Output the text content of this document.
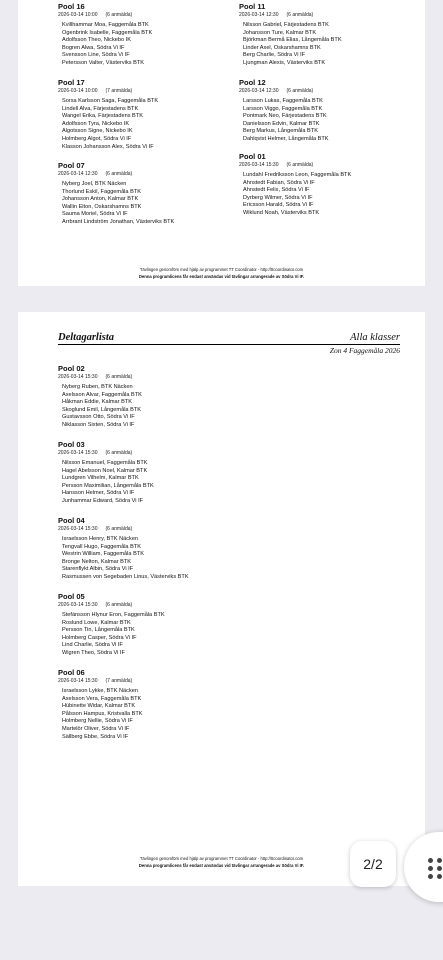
Pool 16
2026-03-14 10:00 (6 anmälda)
Kvillhammar Moa, Faggemåla BTK
Ogenbrink Isabelle, Faggemåla BTK
Adolfsson Theo, Nickebo IK
Bogren Alwa, Södra Vi IF
Svensson Line, Södra Vi IF
Petersson Valter, Västerviks BTK
Pool 17
2026-03-14 10:00 (7 anmälda)
Sorsa Karlsson Saga, Faggemåla BTK
Lindell Alva, Färjestadens BTK
Wangel Erika, Färjestadens BTK
Adolfsson Tyra, Nickebo IK
Algotsson Signe, Nickebo IK
Holmberg Algot, Södra Vi IF
Klasson Johansson Alex, Södra Vi IF
Pool 07
2026-03-14 12:30 (6 anmälda)
Nyberg Joel, BTK Näcken
Thorlund Eskil, Faggemåla BTK
Johansson Anton, Kalmar BTK
Wallin Elton, Oskarshamns BTK
Sauma Moriel, Södra Vi IF
Arrbrant Lindström Jonathan, Västerviks BTK
Pool 11
2026-03-14 12:30 (6 anmälda)
Nilsson Gabriel, Färjestadens BTK
Johansson Ture, Kalmar BTK
Björkman Bermå Elias, Långemåla BTK
Linder Axel, Oskarshamns BTK
Berg Charlie, Södra Vi IF
Ljungman Alexis, Västerviks BTK
Pool 12
2026-03-14 12:30 (6 anmälda)
Larsson Lukas, Faggemåla BTK
Larsson Viggo, Faggemåla BTK
Pontmark Neo, Färjestadens BTK
Danielsson Edvin, Kalmar BTK
Berg Markus, Långemåla BTK
Dahlqvist Helmer, Långemåla BTK
Pool 01
2026-03-14 15:30 (6 anmälda)
Lundahl Fredriksson Leon, Faggemåla BTK
Ahnstedt Fabian, Södra Vi IF
Ahnstedt Felix, Södra Vi IF
Dyrberg Wilmer, Södra Vi IF
Ericsson Harald, Södra Vi IF
Wiklund Noah, Västerviks BTK
Tävlingen genomförs med hjälp av programmet TT Coordinator - http://ttcoordinator.com
Denna programlicens får endast användas vid tävlingar arrangerade av Södra Vi IF.
Deltagarlista	Alla klasser
Zon 4 Faggemåla 2026
Pool 02
2026-03-14 15:30 (6 anmälda)
Nyberg Ruben, BTK Näcken
Axelsson Alvar, Faggemåla BTK
Håkman Eddie, Kalmar BTK
Skoglund Emil, Långemåla BTK
Gustavsson Otto, Södra Vi IF
Niklasson Sixten, Södra Vi IF
Pool 03
2026-03-14 15:30 (6 anmälda)
Nilsson Emanuel, Faggemåla BTK
Hagel Abelsson Noel, Kalmar BTK
Lundgren Vilhelm, Kalmar BTK
Persson Maximilian, Långemåla BTK
Hansson Helmer, Södra Vi IF
Junhammar Edward, Södra Vi IF
Pool 04
2026-03-14 15:30 (6 anmälda)
Israelsson Henry, BTK Näcken
Tengvall Hugo, Faggemåla BTK
Westrin William, Faggemåla BTK
Bronge Nelton, Kalmar BTK
Starenflykt Albin, Södra Vi IF
Rasmussen von Segebaden Linus, Västerviks BTK
Pool 05
2026-03-14 15:30 (6 anmälda)
Stefánsson Hlynur Eron, Faggemåla BTK
Roslund Lowe, Kalmar BTK
Persson Tin, Långemåla BTK
Holmberg Casper, Södra Vi IF
Lind Charlie, Södra Vi IF
Wigren Theo, Södra Vi IF
Pool 06
2026-03-14 15:30 (7 anmälda)
Israelsson Lykke, BTK Näcken
Axelsson Vera, Faggemåla BTK
Hübinette Widar, Kalmar BTK
Pålsson Hampus, Kristvalla BTK
Holmberg Nellie, Södra Vi IF
Martelör Oliver, Södra Vi IF
Sällberg Ebbe, Södra Vi IF
Tävlingen genomförs med hjälp av programmet TT Coordinator - http://ttcoordinator.com
Denna programlicens får endast användas vid tävlingar arrangerade av Södra Vi IF.	2/2
